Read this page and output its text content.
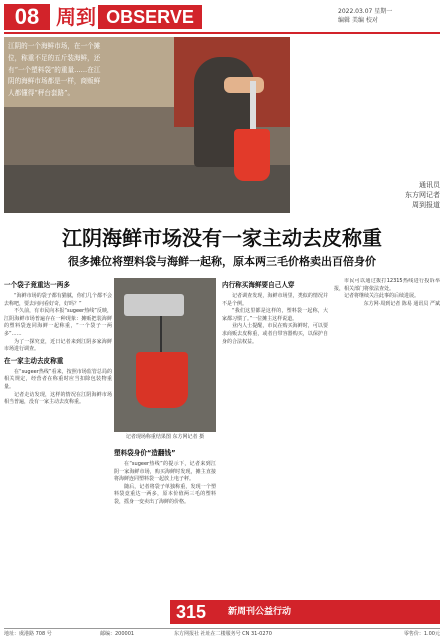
08 周到 OBSERVE	2022.03.07 星期一
编辑 美编 校对
江阴的一个海鲜市场，在一个摊位，称重不足的五斤装海鲜，还有“一个塑料袋”的重量……在江阴的海鲜市场都是一样，商贩鲜人都懂得“秤台套路”。
通讯员
东方网记者
周到报道
江阴海鲜市场没有一家主动去皮称重
很多摊位将塑料袋与海鲜一起称，原本两三毛价格卖出百倍身价
一个袋子竟重达一两多

“海鲜市场的袋子都有猫腻，你们几个都不会去称吧，要去问问看好奇，好吗？”

不久前，有市民向本报“sugeer热线”反映，江阴海鲜市场普遍存在一种现象：摊贩把装海鲜的塑料袋连同海鲜一起称重，“一个袋子一两多”……

为了一探究竟，近日记者来到江阴多家海鲜市场进行调查。

在一家主动去皮称重

在“sugeer热线”看来，按照市场监管总局的相关规定，经营者在称重时应当扣除包装物重量。

记者走访发现，这样的情况在江阴海鲜市场相当普遍，没有一家主动去皮称重。

记者现场称重结果图 东方网记者 摄
塑料袋身价“造翻钱”

在“sugeer热线”的提示下，记者来到江阴一家海鲜市场，购买海鲜时发现，摊主直接将海鲜连同塑料袋一起放上电子秤。

随后，记者将袋子单独称重，发现一个塑料袋竟重达一两多，原本价值两三毛的塑料袋，摇身一变卖出了海鲜的价格。

内行称买海鲜要自己人穿

记者调查发现，海鲜市场里，类似的情况并不是个例。

“我们这里都是这样的，塑料袋一起称，大家都习惯了。”一位摊主这样说道。

业内人士提醒，市民在购买海鲜时，可以要求商贩去皮称重，或者自带容器购买，以保护自身的合法权益。

市民可以通过拨打12315热线进行投诉举报，相关部门将依法查处。

记者将继续关注此事的后续进展。

东方网·周到记者 陈易 通讯员 严斌

315 新周刊公益行动
地址：虞港路 708 号	邮编：200001	东方网报社 社址在二楼服务号 CN 31-0270	零售价：1.00元
